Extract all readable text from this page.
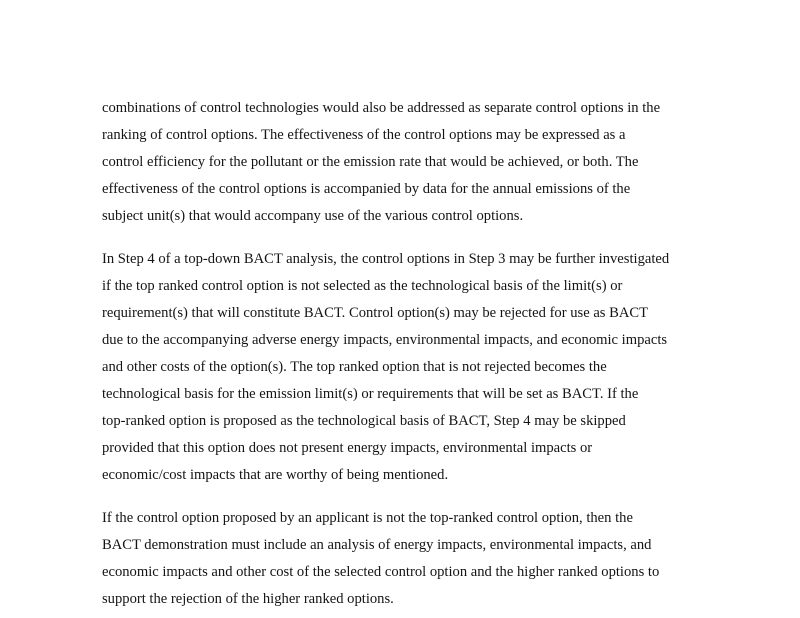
combinations of control technologies would also be addressed as separate control options in the
ranking of control options. The effectiveness of the control options may be expressed as a
control efficiency for the pollutant or the emission rate that would be achieved, or both. The
effectiveness of the control options is accompanied by data for the annual emissions of the
subject unit(s) that would accompany use of the various control options.
In Step 4 of a top-down BACT analysis, the control options in Step 3 may be further investigated
if the top ranked control option is not selected as the technological basis of the limit(s) or
requirement(s) that will constitute BACT. Control option(s) may be rejected for use as BACT
due to the accompanying adverse energy impacts, environmental impacts, and economic impacts
and other costs of the option(s). The top ranked option that is not rejected becomes the
technological basis for the emission limit(s) or requirements that will be set as BACT. If the
top-ranked option is proposed as the technological basis of BACT, Step 4 may be skipped
provided that this option does not present energy impacts, environmental impacts or
economic/cost impacts that are worthy of being mentioned.
If the control option proposed by an applicant is not the top-ranked control option, then the
BACT demonstration must include an analysis of energy impacts, environmental impacts, and
economic impacts and other cost of the selected control option and the higher ranked options to
support the rejection of the higher ranked options.
